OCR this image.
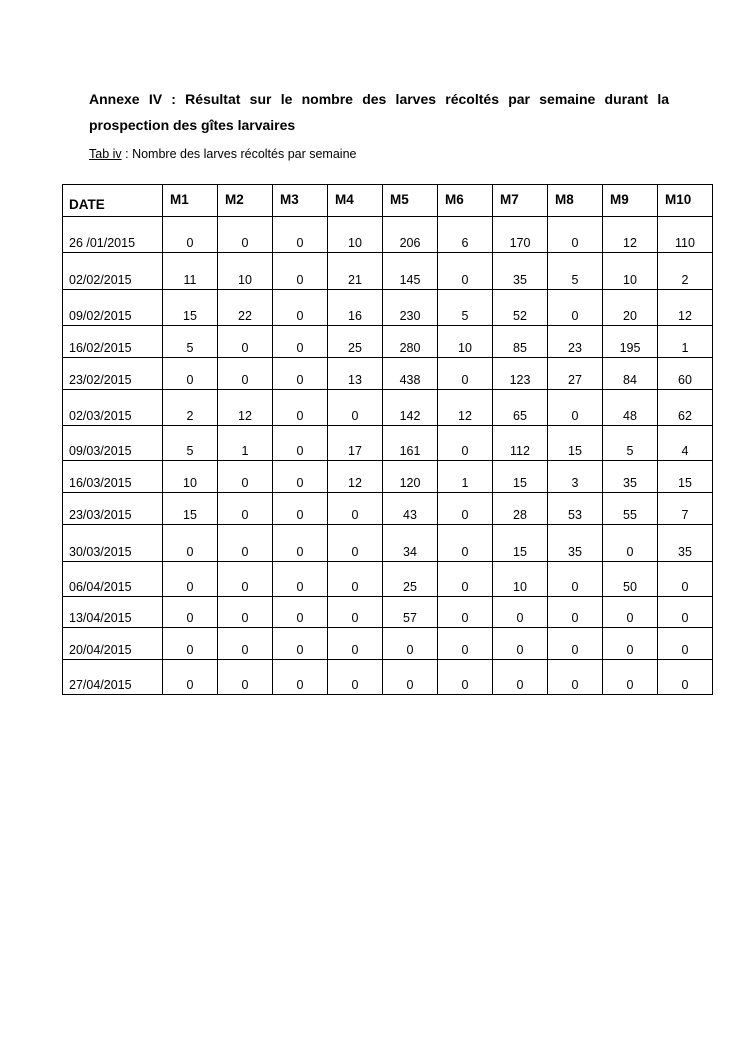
Annexe IV : Résultat sur le nombre des larves récoltés par semaine durant la
prospection des gîtes larvaires
Tab iv : Nombre des larves récoltés par semaine
DATE	M1	M2	M3	M4	M5	M6	M7	M8	M9	M10
26 /01/2015	0	0	0	10	206	6	170	0	12	110
02/02/2015	11	10	0	21	145	0	35	5	10	2
09/02/2015	15	22	0	16	230	5	52	0	20	12
16/02/2015	5	0	0	25	280	10	85	23	195	1
23/02/2015	0	0	0	13	438	0	123	27	84	60
02/03/2015	2	12	0	0	142	12	65	0	48	62
09/03/2015	5	1	0	17	161	0	112	15	5	4
16/03/2015	10	0	0	12	120	1	15	3	35	15
23/03/2015	15	0	0	0	43	0	28	53	55	7
30/03/2015	0	0	0	0	34	0	15	35	0	35
06/04/2015	0	0	0	0	25	0	10	0	50	0
13/04/2015	0	0	0	0	57	0	0	0	0	0
20/04/2015	0	0	0	0	0	0	0	0	0	0
27/04/2015	0	0	0	0	0	0	0	0	0	0
